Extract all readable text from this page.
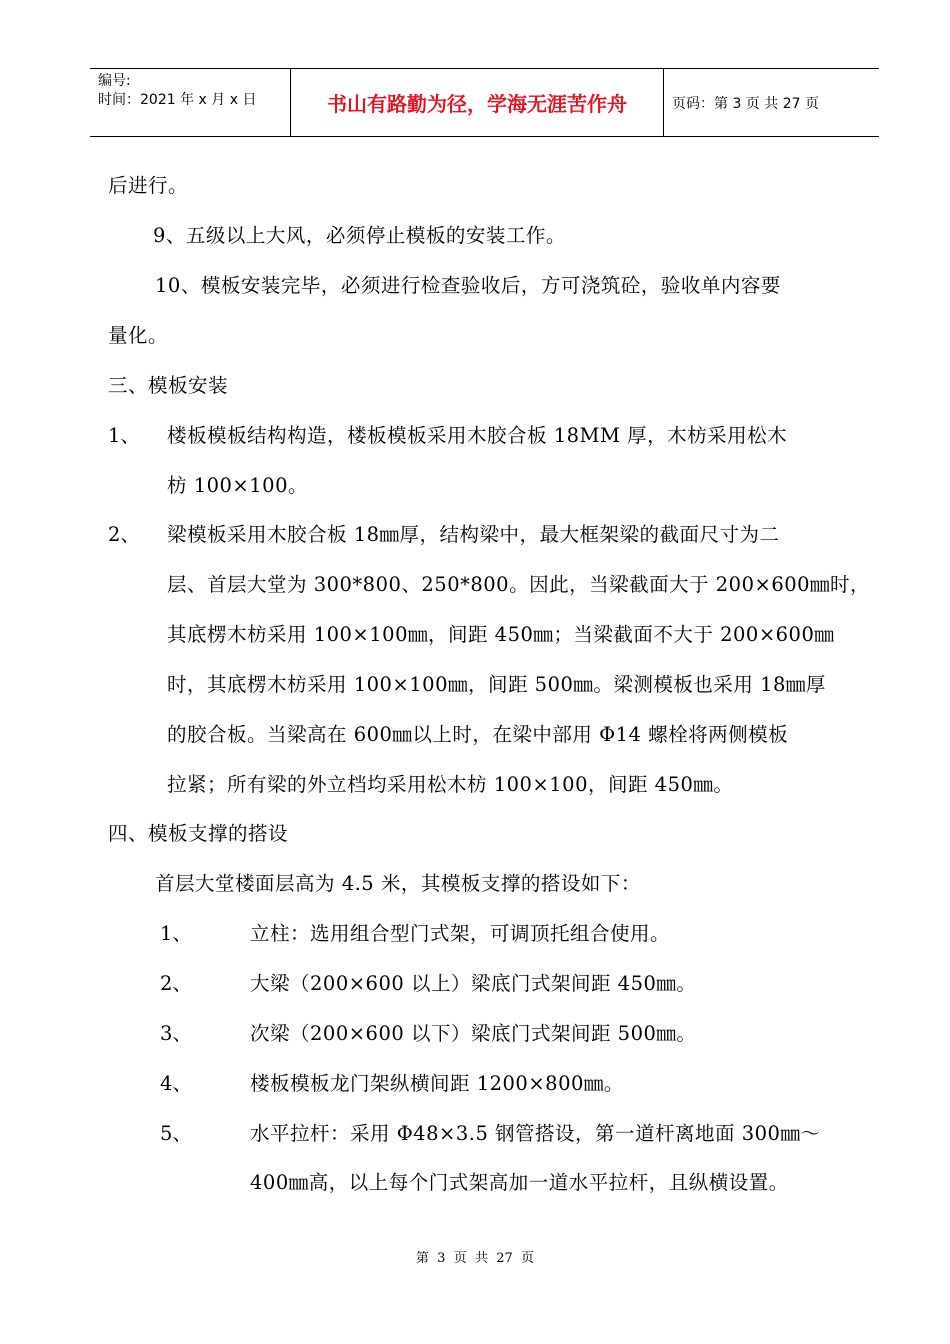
编号:
时间：2021 年 x 月 x 日	书山有路勤为径，学海无涯苦作舟	页码：第 3 页 共 27 页
后进行。
9、五级以上大风，必须停止模板的安装工作。
10、模板安装完毕，必须进行检查验收后，方可浇筑砼，验收单内容要
量化。
三、模板安装
1、 楼板模板结构构造，楼板模板采用木胶合板 18MM 厚，木枋采用松木
枋 100×100。
2、 梁模板采用木胶合板 18㎜厚，结构梁中，最大框架梁的截面尺寸为二
层、首层大堂为 300*800、250*800。因此，当梁截面大于 200×600㎜时，
其底楞木枋采用 100×100㎜，间距 450㎜；当梁截面不大于 200×600㎜
时，其底楞木枋采用 100×100㎜，间距 500㎜。梁测模板也采用 18㎜厚
的胶合板。当梁高在 600㎜以上时，在梁中部用 Φ14 螺栓将两侧模板
拉紧；所有梁的外立档均采用松木枋 100×100，间距 450㎜。
四、模板支撑的搭设
首层大堂楼面层高为 4.5 米，其模板支撑的搭设如下：
1、	立柱：选用组合型门式架，可调顶托组合使用。
2、	大梁（200×600 以上）梁底门式架间距 450㎜。
3、	次梁（200×600 以下）梁底门式架间距 500㎜。
4、	楼板模板龙门架纵横间距 1200×800㎜。
5、	水平拉杆：采用 Φ48×3.5 钢管搭设，第一道杆离地面 300㎜～
400㎜高，以上每个门式架高加一道水平拉杆，且纵横设置。
第  3  页  共  27  页
